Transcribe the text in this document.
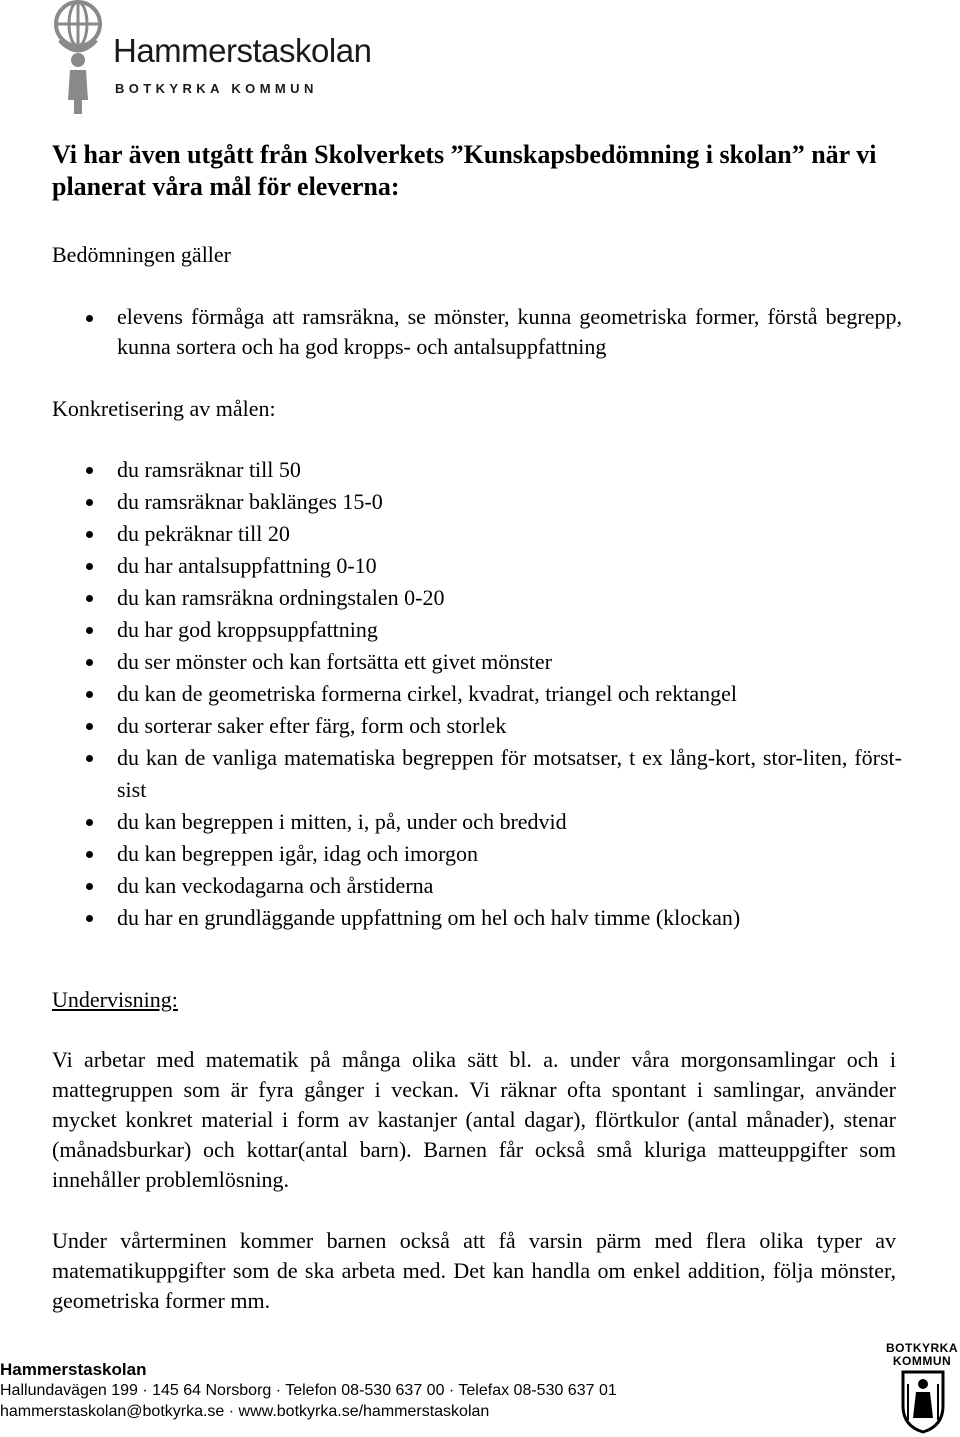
Hammerstaskolan
BOTKYRKA KOMMUN
Vi har även utgått från Skolverkets ”Kunskapsbedömning i skolan” när vi planerat våra mål för eleverna:
Bedömningen gäller
elevens förmåga att ramsräkna, se mönster, kunna geometriska former, förstå begrepp, kunna sortera och ha god kropps- och antalsuppfattning
Konkretisering av målen:
du ramsräknar till 50
du ramsräknar baklänges 15-0
du pekräknar till 20
du har antalsuppfattning 0-10
du kan ramsräkna ordningstalen 0-20
du har god kroppsuppfattning
du ser mönster och kan fortsätta ett givet mönster
du kan de geometriska formerna cirkel, kvadrat, triangel och rektangel
du sorterar saker efter färg, form och storlek
du kan de vanliga matematiska begreppen för motsatser, t ex lång-kort, stor-liten, först-sist
du kan begreppen i mitten, i, på, under och bredvid
du kan begreppen igår, idag och imorgon
du kan veckodagarna och årstiderna
du har en grundläggande uppfattning om hel och halv timme (klockan)
Undervisning:

Vi arbetar med matematik på många olika sätt bl. a. under våra morgonsamlingar och i mattegruppen som är fyra gånger i veckan. Vi räknar ofta spontant i samlingar, använder mycket konkret material i form av kastanjer (antal dagar), flörtkulor (antal månader), stenar (månadsburkar) och kottar(antal barn). Barnen får också små kluriga matteuppgifter som innehåller problemlösning.

Under vårterminen kommer barnen också att få varsin pärm med flera olika typer av matematikuppgifter som de ska arbeta med. Det kan handla om enkel addition, följa mönster, geometriska former mm.

Hammerstaskolan
Hallundavägen 199 · 145 64 Norsborg · Telefon 08-530 637 00 · Telefax 08-530 637 01
hammerstaskolan@botkyrka.se · www.botkyrka.se/hammerstaskolan
BOTKYRKA
KOMMUN
